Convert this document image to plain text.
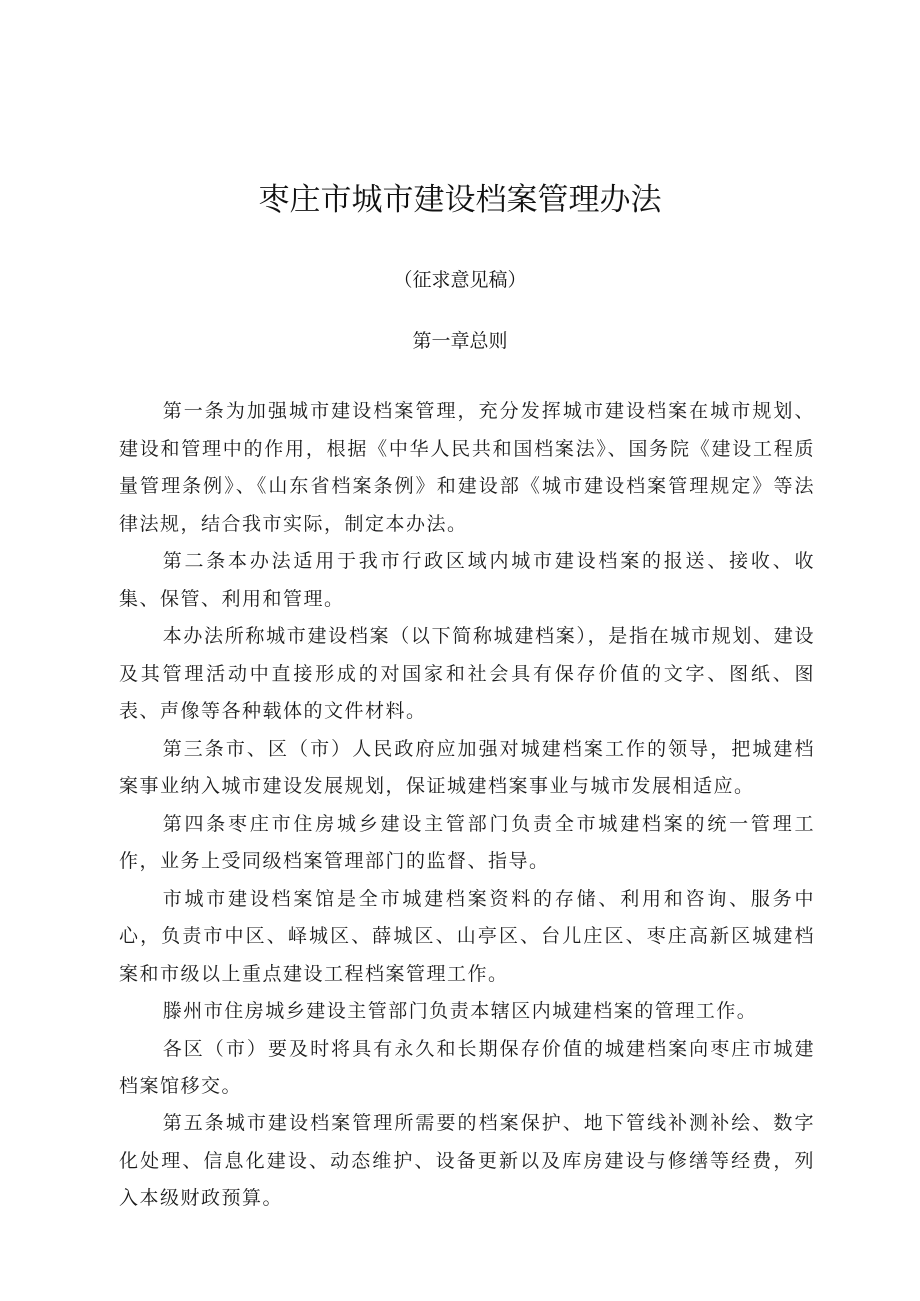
枣庄市城市建设档案管理办法
（征求意见稿）
第一章总则

第一条为加强城市建设档案管理，充分发挥城市建设档案在城市规划、建设和管理中的作用，根据《中华人民共和国档案法》、国务院《建设工程质量管理条例》、《山东省档案条例》和建设部《城市建设档案管理规定》等法律法规，结合我市实际，制定本办法。

第二条本办法适用于我市行政区域内城市建设档案的报送、接收、收集、保管、利用和管理。

本办法所称城市建设档案（以下简称城建档案），是指在城市规划、建设及其管理活动中直接形成的对国家和社会具有保存价值的文字、图纸、图表、声像等各种载体的文件材料。

第三条市、区（市）人民政府应加强对城建档案工作的领导，把城建档案事业纳入城市建设发展规划，保证城建档案事业与城市发展相适应。

第四条枣庄市住房城乡建设主管部门负责全市城建档案的统一管理工作，业务上受同级档案管理部门的监督、指导。

市城市建设档案馆是全市城建档案资料的存储、利用和咨询、服务中心，负责市中区、峄城区、薛城区、山亭区、台儿庄区、枣庄高新区城建档案和市级以上重点建设工程档案管理工作。

滕州市住房城乡建设主管部门负责本辖区内城建档案的管理工作。

各区（市）要及时将具有永久和长期保存价值的城建档案向枣庄市城建档案馆移交。

第五条城市建设档案管理所需要的档案保护、地下管线补测补绘、数字化处理、信息化建设、动态维护、设备更新以及库房建设与修缮等经费，列入本级财政预算。
